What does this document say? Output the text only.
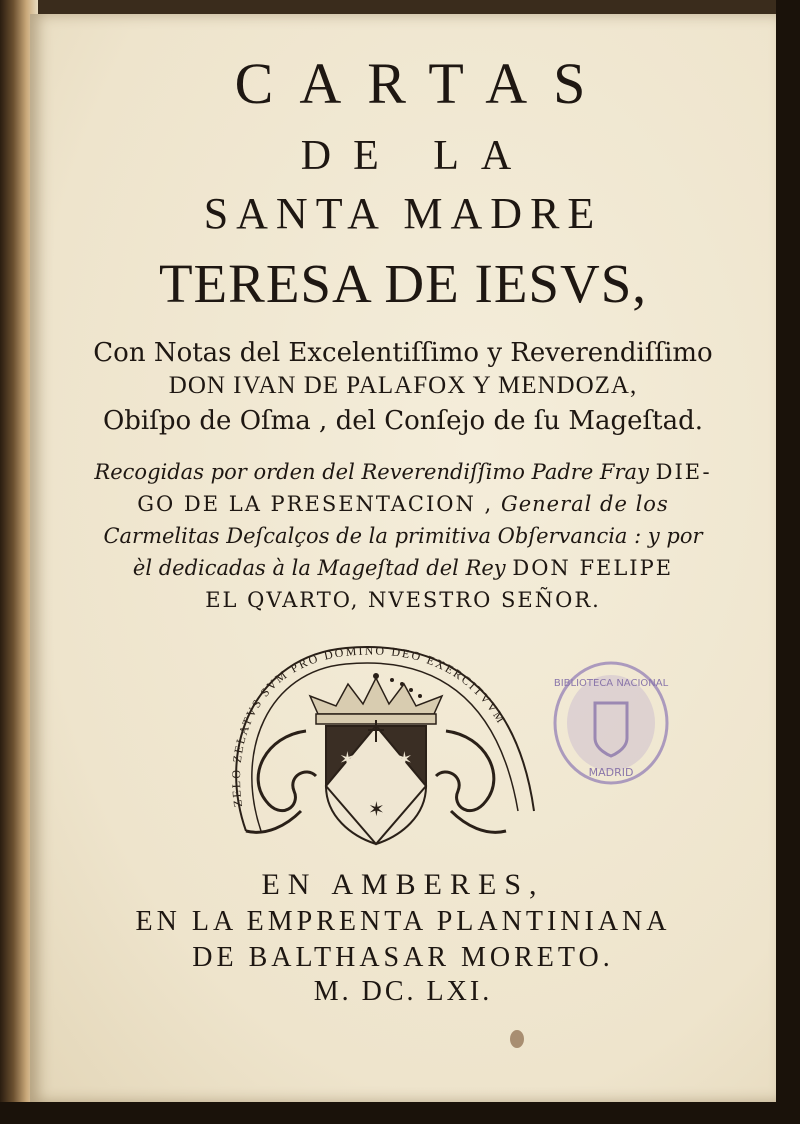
CARTAS
DE LA
SANTA MADRE
TERESA DE IESVS,
Con Notas del Excelentiſſimo y Reverendiſſimo
DON IVAN DE PALAFOX Y MENDOZA,
Obiſpo de Oſma , del Conſejo de ſu Mageſtad.
Recogidas por orden del Reverendiſſimo Padre Fray DIE-
GO DE LA PRESENTACION , General de los
Carmelitas Deſcalços de la primitiva Obſervancia : y por
èl dedicadas à la Mageſtad del Rey DON FELIPE
EL QVARTO, NVESTRO SEÑOR.
ZELO ZELATVS SVM PRO DOMINO DEO EXERCITVVM
✶ ✶
✶
BIBLIOTECA NACIONAL
MADRID
EN AMBERES,
EN LA EMPRENTA PLANTINIANA
DE BALTHASAR MORETO.
M. DC. LXI.
